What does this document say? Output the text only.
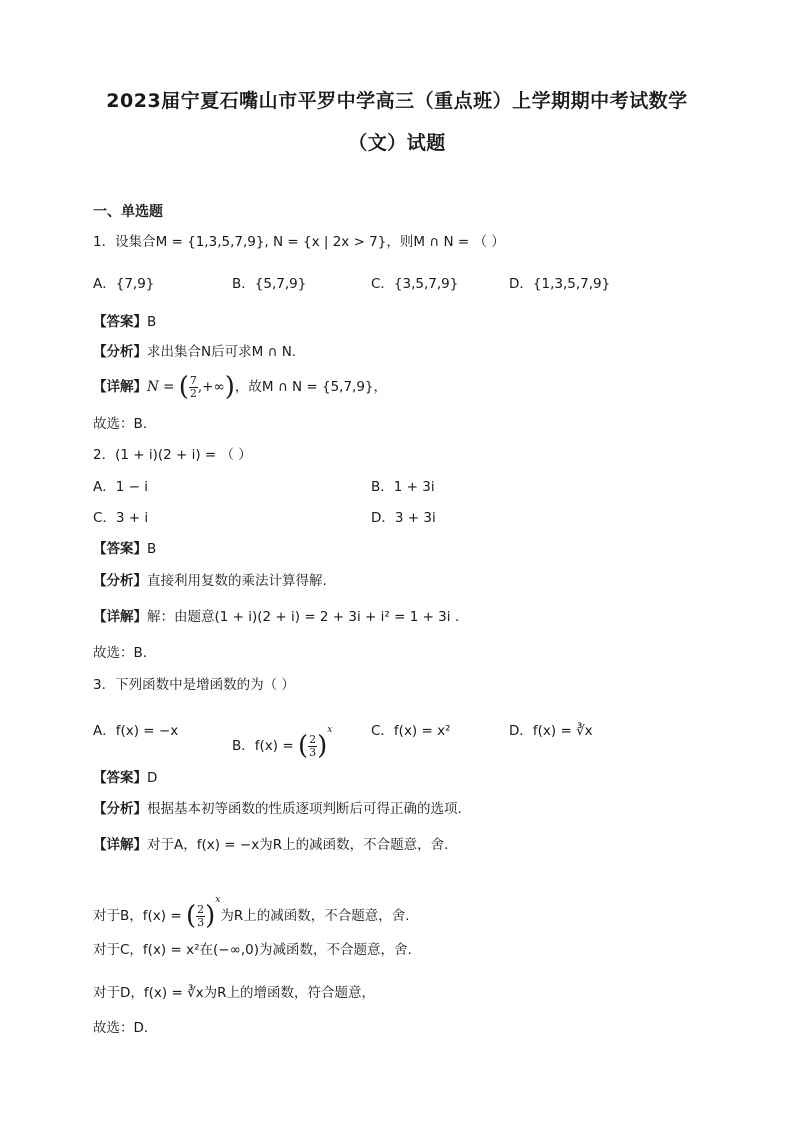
2023届宁夏石嘴山市平罗中学高三（重点班）上学期期中考试数学
（文）试题
一、单选题
1．设集合M = {1,3,5,7,9}, N = {x | 2x > 7}，则M ∩ N = （ ）
A．{7,9}	B．{5,7,9}	C．{3,5,7,9}	D．{1,3,5,7,9}
【答案】B
【分析】求出集合N后可求M ∩ N.
【详解】N = ( $\frac{7}{2}$ ,+∞)，故M ∩ N = {5,7,9}，
故选：B.
2．(1 + i)(2 + i) = （ ）
A．1 − i	B．1 + 3i
C．3 + i	D．3 + 3i
【答案】B
【分析】直接利用复数的乘法计算得解.
【详解】解：由题意(1 + i)(2 + i) = 2 + 3i + i² = 1 + 3i .
故选：B.
3．下列函数中是增函数的为（ ）
A．f(x) = −x
B．f(x) = ( $\frac{2}{3} )^x$	C．f(x) = x²	D．f(x) = ∛x
【答案】D
【分析】根据基本初等函数的性质逐项判断后可得正确的选项.
【详解】对于A，f(x) = −x为R上的减函数，不合题意，舍.
对于B，f(x) = ( $\frac{2}{3} )^x$为R上的减函数，不合题意，舍.
对于C，f(x) = x²在(−∞,0)为减函数，不合题意，舍.
对于D，f(x) = ∛x为R上的增函数，符合题意，
故选：D.
